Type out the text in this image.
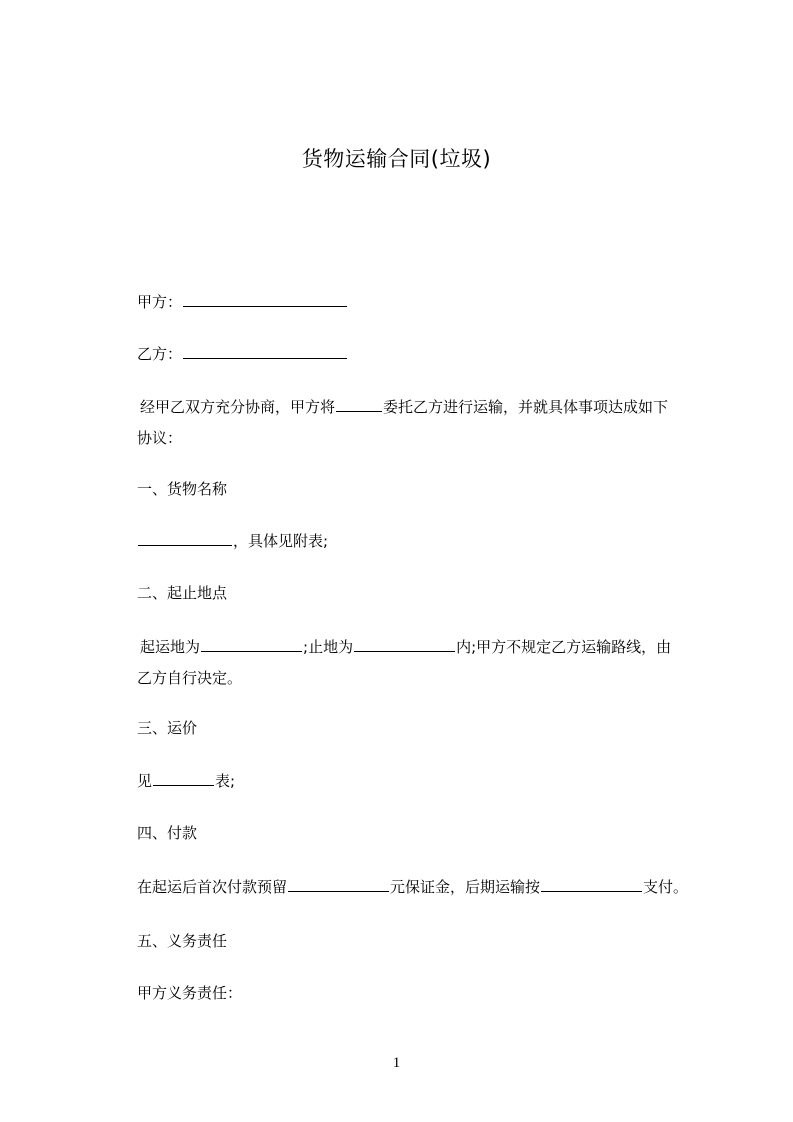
货物运输合同(垃圾)
甲方：
乙方：
经甲乙双方充分协商，甲方将	委托乙方进行运输，并就具体事项达成如下
协议：
一、货物名称
，具体见附表;
二、起止地点
起运地为	;止地为	内;甲方不规定乙方运输路线，由
乙方自行决定。
三、运价
见	表;
四、付款
在起运后首次付款预留	元保证金，后期运输按	支付。
五、义务责任
甲方义务责任：
1
